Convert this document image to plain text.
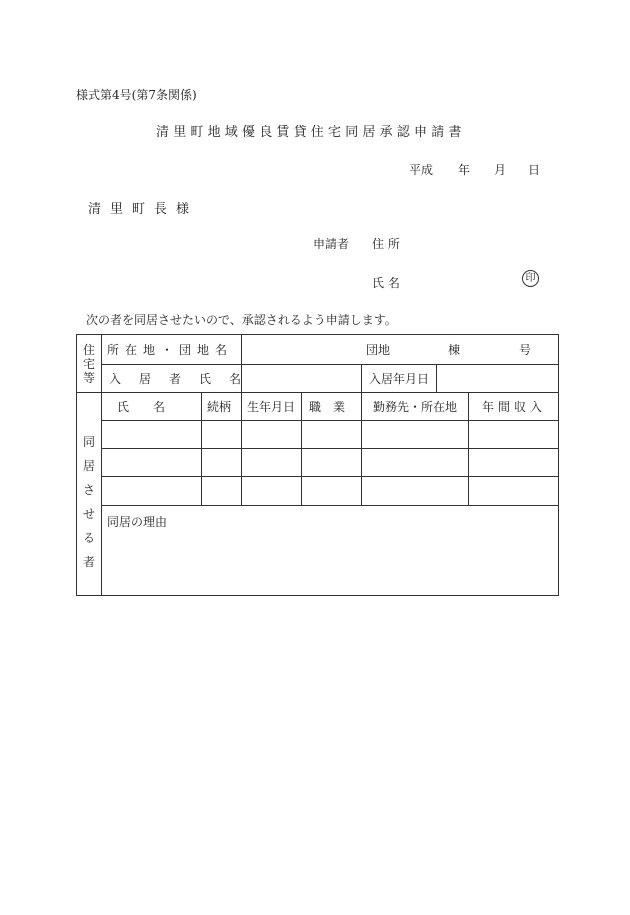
様式第4号(第7条関係)
清里町地域優良賃貸住宅同居承認申請書
平成 年 月 日
清里町長様
申請者 住 所
氏 名	印
次の者を同居させたいので、承認されるよう申請します。
住
宅
等
所在地・団地名	団地	棟	号
入居者氏名	入居年月日
同
居
さ
せ
る
者
氏　　名	続柄 生年月日 職　業 勤務先・所在地 年間収入
同居の理由
